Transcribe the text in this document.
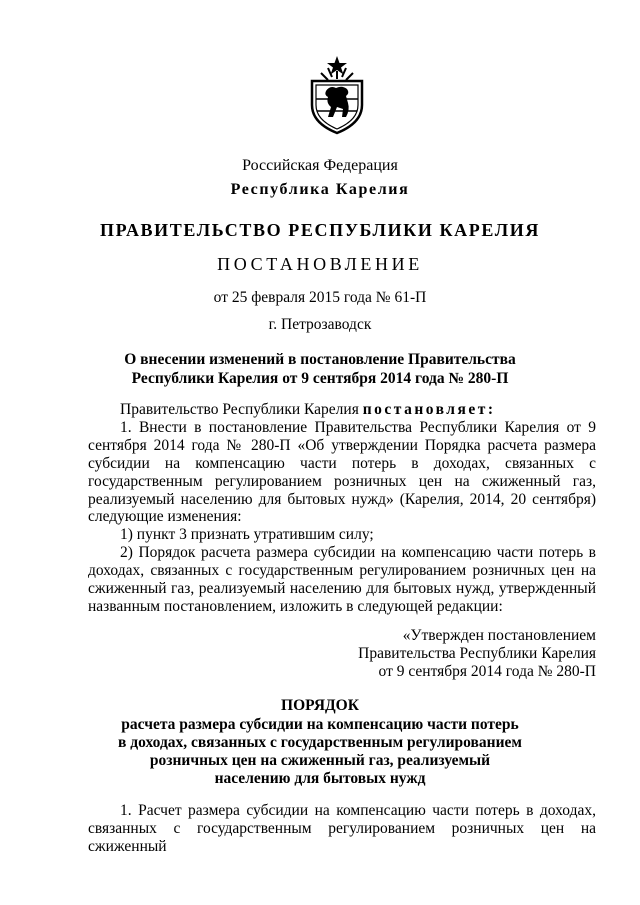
Российская Федерация
Республика Карелия
ПРАВИТЕЛЬСТВО РЕСПУБЛИКИ КАРЕЛИЯ
ПОСТАНОВЛЕНИЕ
от 25 февраля 2015 года № 61-П
г. Петрозаводск
О внесении изменений в постановление Правительства
Республики Карелия от 9 сентября 2014 года № 280-П

Правительство Республики Карелия постановляет:

1. Внести в постановление Правительства Республики Карелия от 9 сентября 2014 года № 280-П «Об утверждении Порядка расчета размера субсидии на компенсацию части потерь в доходах, связанных с государственным регулированием розничных цен на сжиженный газ, реализуемый населению для бытовых нужд» (Карелия, 2014, 20 сентября) следующие изменения:

1) пункт 3 признать утратившим силу;

2) Порядок расчета размера субсидии на компенсацию части потерь в доходах, связанных с государственным регулированием розничных цен на сжиженный газ, реализуемый населению для бытовых нужд, утвержденный названным постановлением, изложить в следующей редакции:

«Утвержден постановлением
Правительства Республики Карелия
от 9 сентября 2014 года № 280-П
ПОРЯДОК
расчета размера субсидии на компенсацию части потерь
в доходах, связанных с государственным регулированием
розничных цен на сжиженный газ, реализуемый
населению для бытовых нужд

1. Расчет размера субсидии на компенсацию части потерь в доходах, связанных с государственным регулированием розничных цен на сжиженный
